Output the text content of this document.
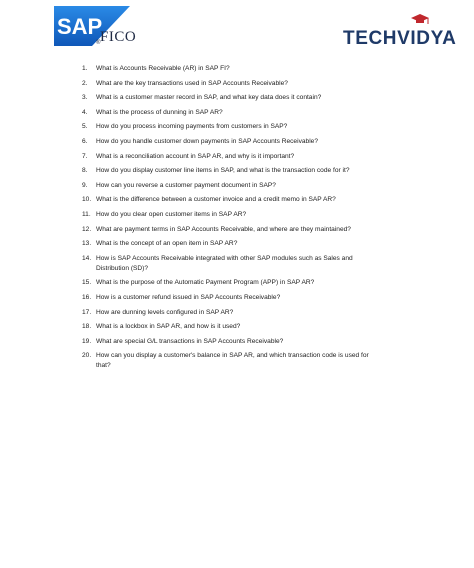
SAP
® FICO	TECHVIDYA
1.	What is Accounts Receivable (AR) in SAP FI?
2.	What are the key transactions used in SAP Accounts Receivable?
3.	What is a customer master record in SAP, and what key data does it contain?
4.	What is the process of dunning in SAP AR?
5.	How do you process incoming payments from customers in SAP?
6.	How do you handle customer down payments in SAP Accounts Receivable?
7.	What is a reconciliation account in SAP AR, and why is it important?
8.	How do you display customer line items in SAP, and what is the transaction code for it?
9.	How can you reverse a customer payment document in SAP?
10. What is the difference between a customer invoice and a credit memo in SAP AR?
11. How do you clear open customer items in SAP AR?
12. What are payment terms in SAP Accounts Receivable, and where are they maintained?
13. What is the concept of an open item in SAP AR?
14. How is SAP Accounts Receivable integrated with other SAP modules such as Sales and Distribution (SD)?
15. What is the purpose of the Automatic Payment Program (APP) in SAP AR?
16. How is a customer refund issued in SAP Accounts Receivable?
17. How are dunning levels configured in SAP AR?
18. What is a lockbox in SAP AR, and how is it used?
19. What are special G/L transactions in SAP Accounts Receivable?
20. How can you display a customer's balance in SAP AR, and which transaction code is used for that?
